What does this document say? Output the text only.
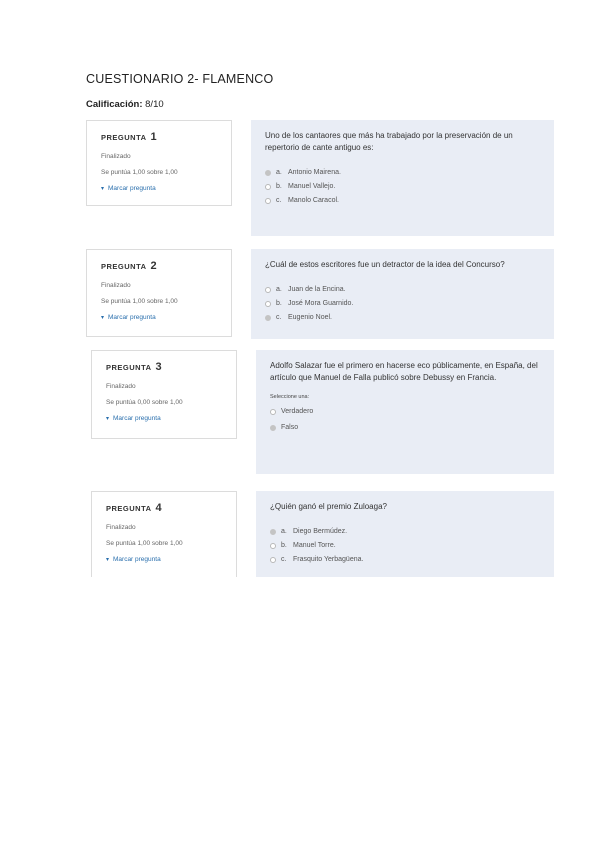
CUESTIONARIO 2- FLAMENCO
Calificación: 8/10
PREGUNTA 1
Finalizado
Se puntúa 1,00 sobre 1,00
▾ Marcar pregunta
Uno de los cantaores que más ha trabajado por la preservación de un repertorio de cante antiguo es:
a. Antonio Mairena.
b. Manuel Vallejo.
c. Manolo Caracol.
PREGUNTA 2
Finalizado
Se puntúa 1,00 sobre 1,00
▾ Marcar pregunta
¿Cuál de estos escritores fue un detractor de la idea del Concurso?
a. Juan de la Encina.
b. José Mora Guarnido.
c. Eugenio Noel.
PREGUNTA 3
Finalizado
Se puntúa 0,00 sobre 1,00
▾ Marcar pregunta
Adolfo Salazar fue el primero en hacerse eco públicamente, en España, del artículo que Manuel de Falla publicó sobre Debussy en Francia.
Seleccione una:
Verdadero
Falso
PREGUNTA 4
Finalizado
Se puntúa 1,00 sobre 1,00
▾ Marcar pregunta
¿Quién ganó el premio Zuloaga?
a. Diego Bermúdez.
b. Manuel Torre.
c. Frasquito Yerbagüena.
